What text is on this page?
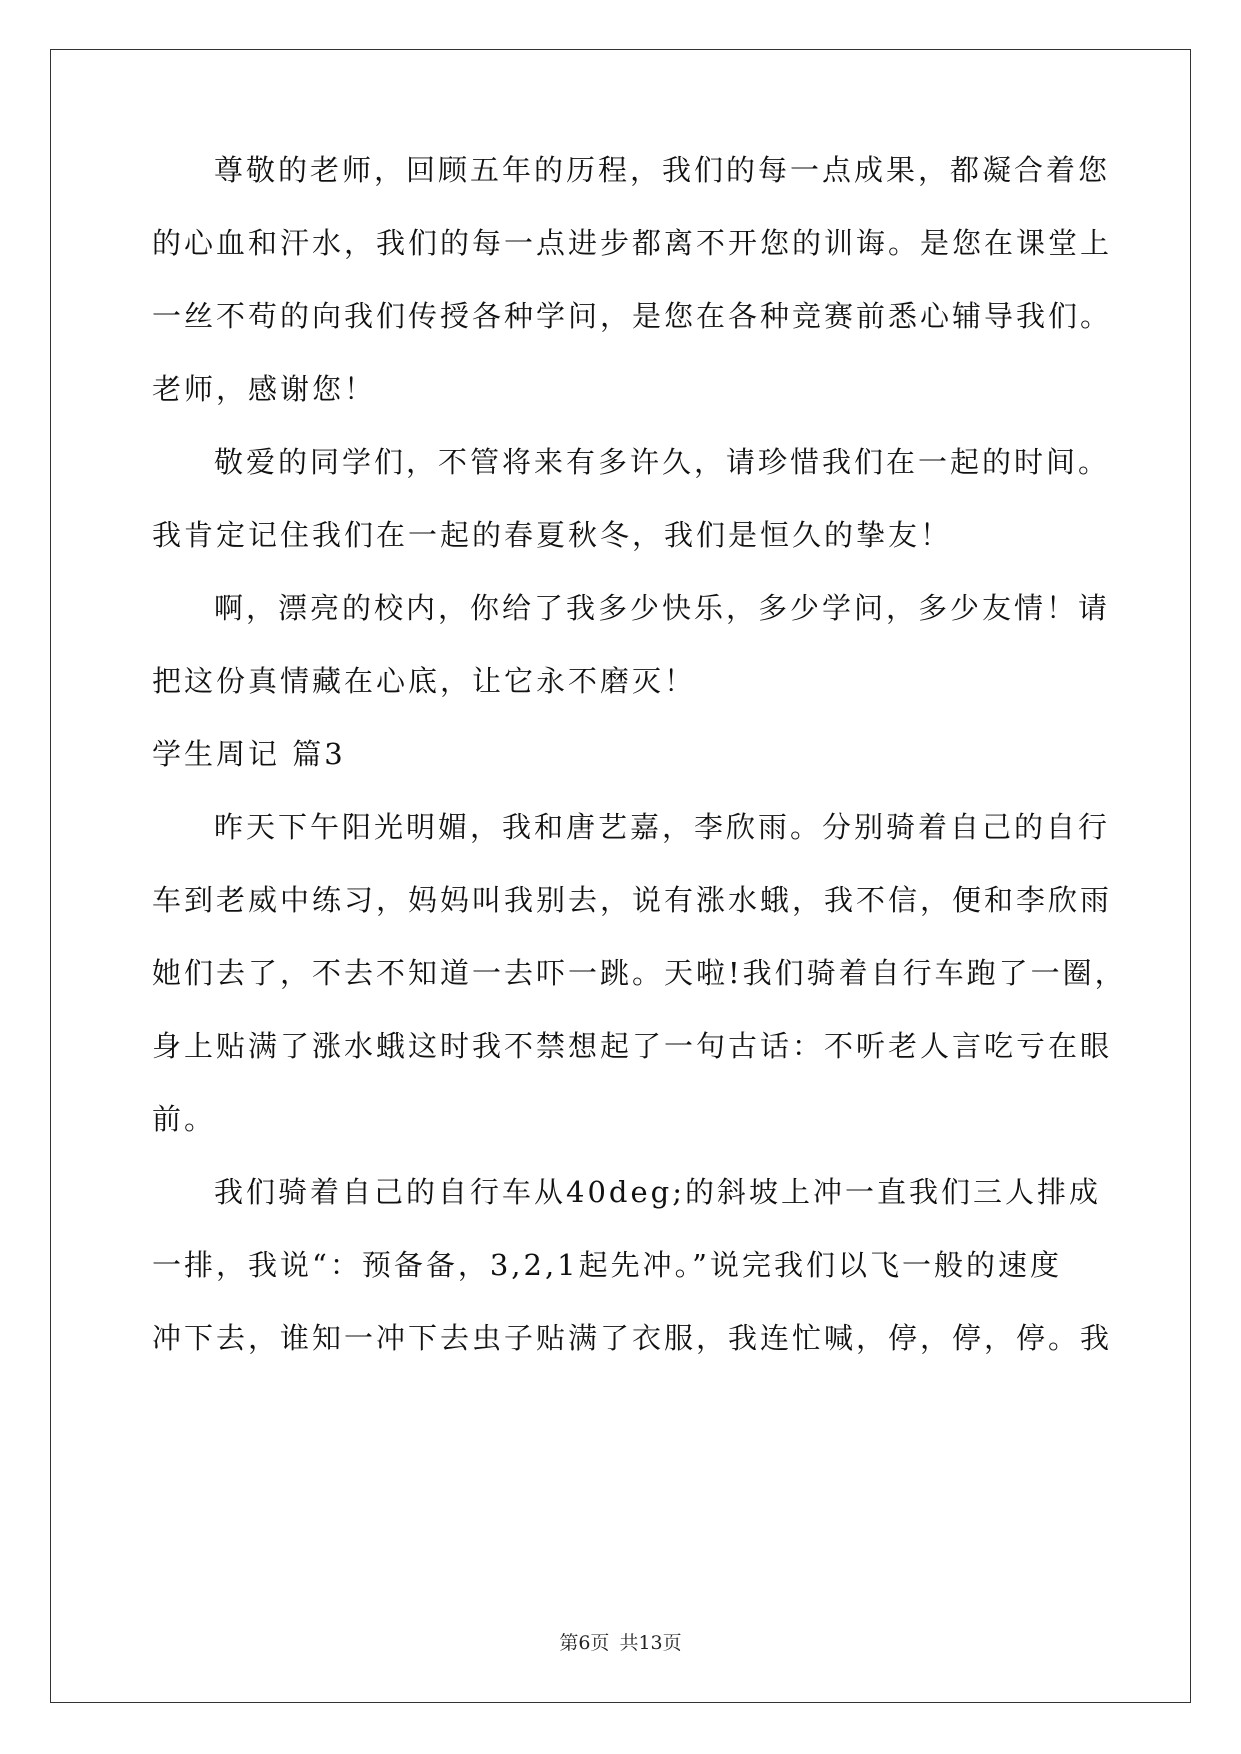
尊敬的老师，回顾五年的历程，我们的每一点成果，都凝合着您
的心血和汗水，我们的每一点进步都离不开您的训诲。是您在课堂上
一丝不苟的向我们传授各种学问，是您在各种竞赛前悉心辅导我们。
老师，感谢您！
敬爱的同学们，不管将来有多许久，请珍惜我们在一起的时间。
我肯定记住我们在一起的春夏秋冬，我们是恒久的挚友！
啊，漂亮的校内，你给了我多少快乐，多少学问，多少友情！请
把这份真情藏在心底，让它永不磨灭！
学生周记 篇3
昨天下午阳光明媚，我和唐艺嘉，李欣雨。分别骑着自己的自行
车到老威中练习，妈妈叫我别去，说有涨水蛾，我不信，便和李欣雨
她们去了，不去不知道一去吓一跳。天啦!我们骑着自行车跑了一圈，
身上贴满了涨水蛾这时我不禁想起了一句古话：不听老人言吃亏在眼
前。
我们骑着自己的自行车从40deg;的斜坡上冲一直我们三人排成
一排，我说“：预备备，3,2,1起先冲。”说完我们以飞一般的速度
冲下去，谁知一冲下去虫子贴满了衣服，我连忙喊，停，停，停。我
第6页 共13页
